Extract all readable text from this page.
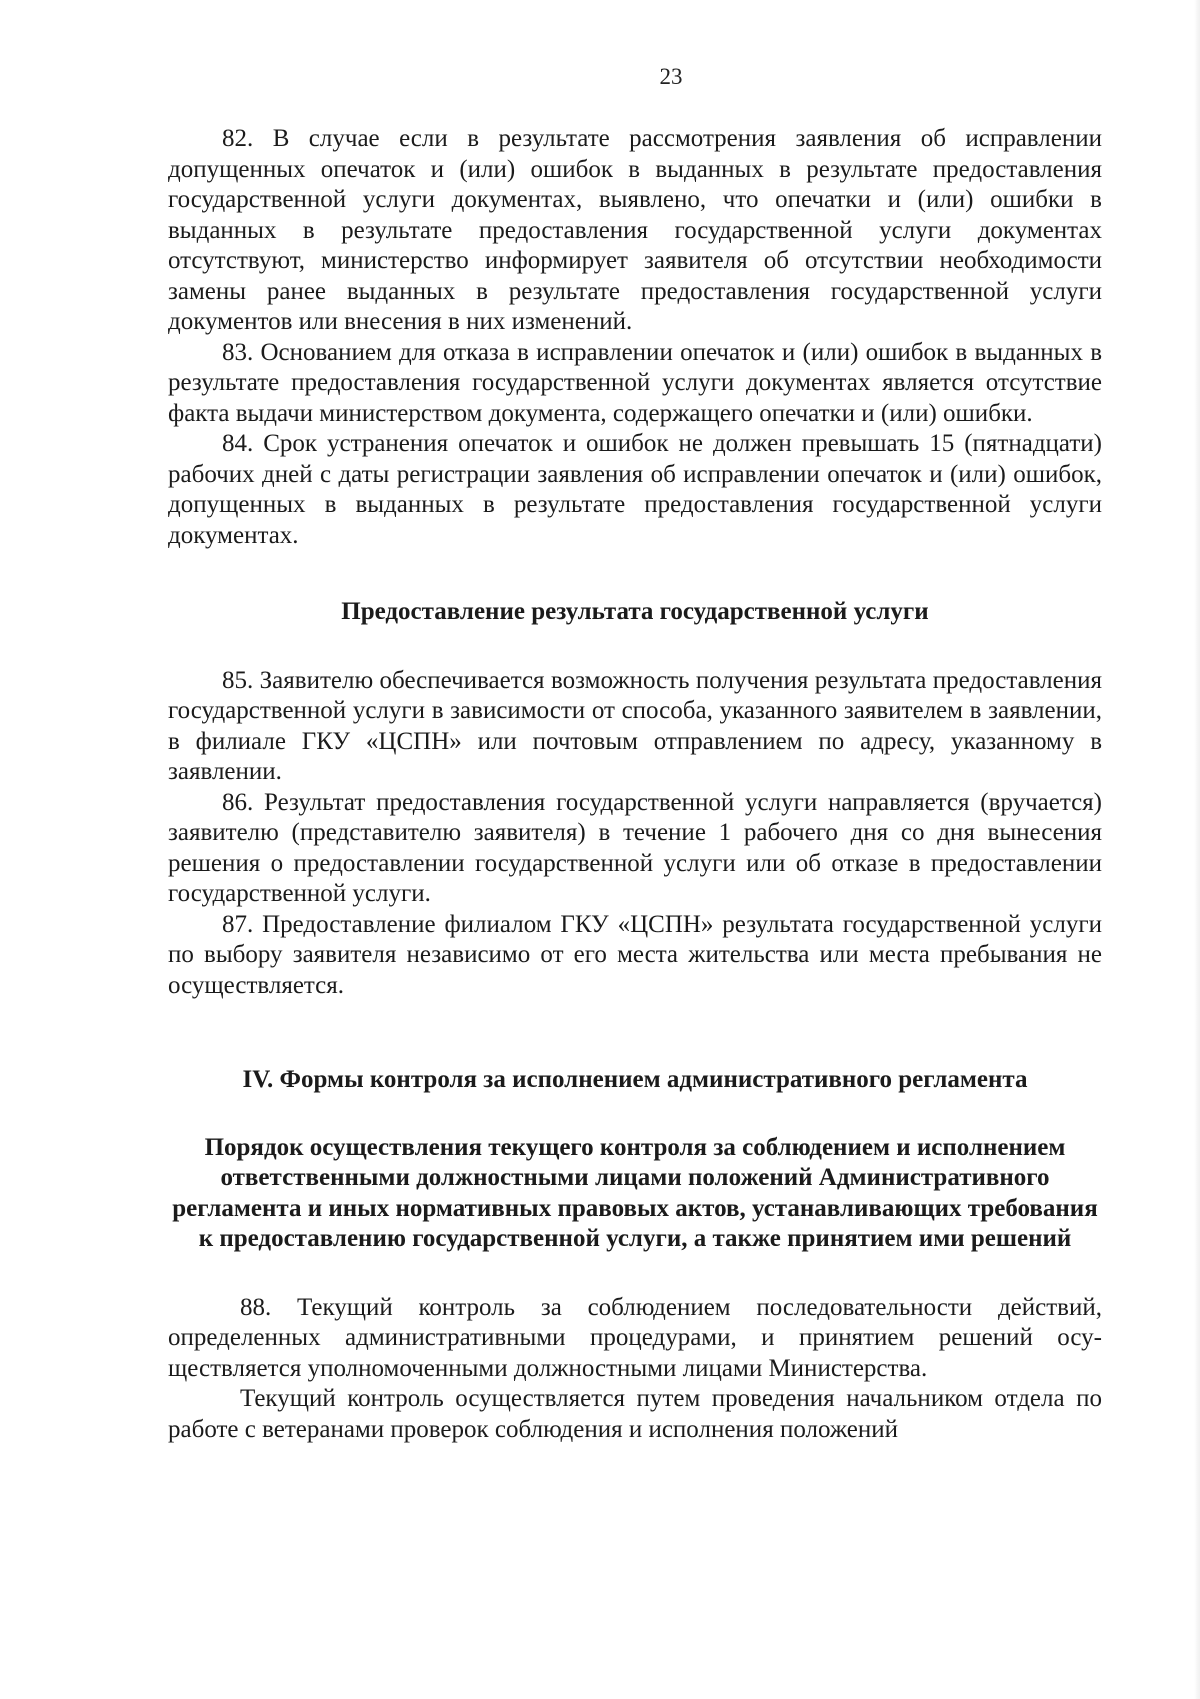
23

82. В случае если в результате рассмотрения заявления об исправлении допущенных опечаток и (или) ошибок в выданных в результате предоставления государственной услуги документах, выявлено, что опечатки и (или) ошибки в выданных в результате предоставления государственной услуги документах отсутствуют, министерство информирует заявителя об отсутствии необходимости замены ранее выданных в результате предоставления государственной услуги документов или внесения в них изменений.

83. Основанием для отказа в исправлении опечаток и (или) ошибок в выданных в результате предоставления государственной услуги документах является отсутствие факта выдачи министерством документа, содержащего опечатки и (или) ошибки.

84. Срок устранения опечаток и ошибок не должен превышать 15 (пятнадцати) рабочих дней с даты регистрации заявления об исправлении опечаток и (или) ошибок, допущенных в выданных в результате предоставления государственной услуги документах.

Предоставление результата государственной услуги

85. Заявителю обеспечивается возможность получения результата предоставления государственной услуги в зависимости от способа, указанного заявителем в заявлении, в филиале ГКУ «ЦСПН» или почтовым отправлением по адресу, указанному в заявлении.

86. Результат предоставления государственной услуги направляется (вручается) заявителю (представителю заявителя) в течение 1 рабочего дня со дня вынесения решения о предоставлении государственной услуги или об отказе в предоставлении государственной услуги.

87. Предоставление филиалом ГКУ «ЦСПН» результата государственной услуги по выбору заявителя независимо от его места жительства или места пребывания не осуществляется.

IV. Формы контроля за исполнением административного регламента
Порядок осуществления текущего контроля за соблюдением и исполнением ответственными должностными лицами положений Административного регламента и иных нормативных правовых актов, устанавливающих требования к предоставлению государственной услуги, а также принятием ими решений

88. Текущий контроль за соблюдением последовательности действий, определенных административными процедурами, и принятием решений осуществляется уполномоченными должностными лицами Министерства.

Текущий контроль осуществляется путем проведения начальником отдела по работе с ветеранами проверок соблюдения и исполнения положений
